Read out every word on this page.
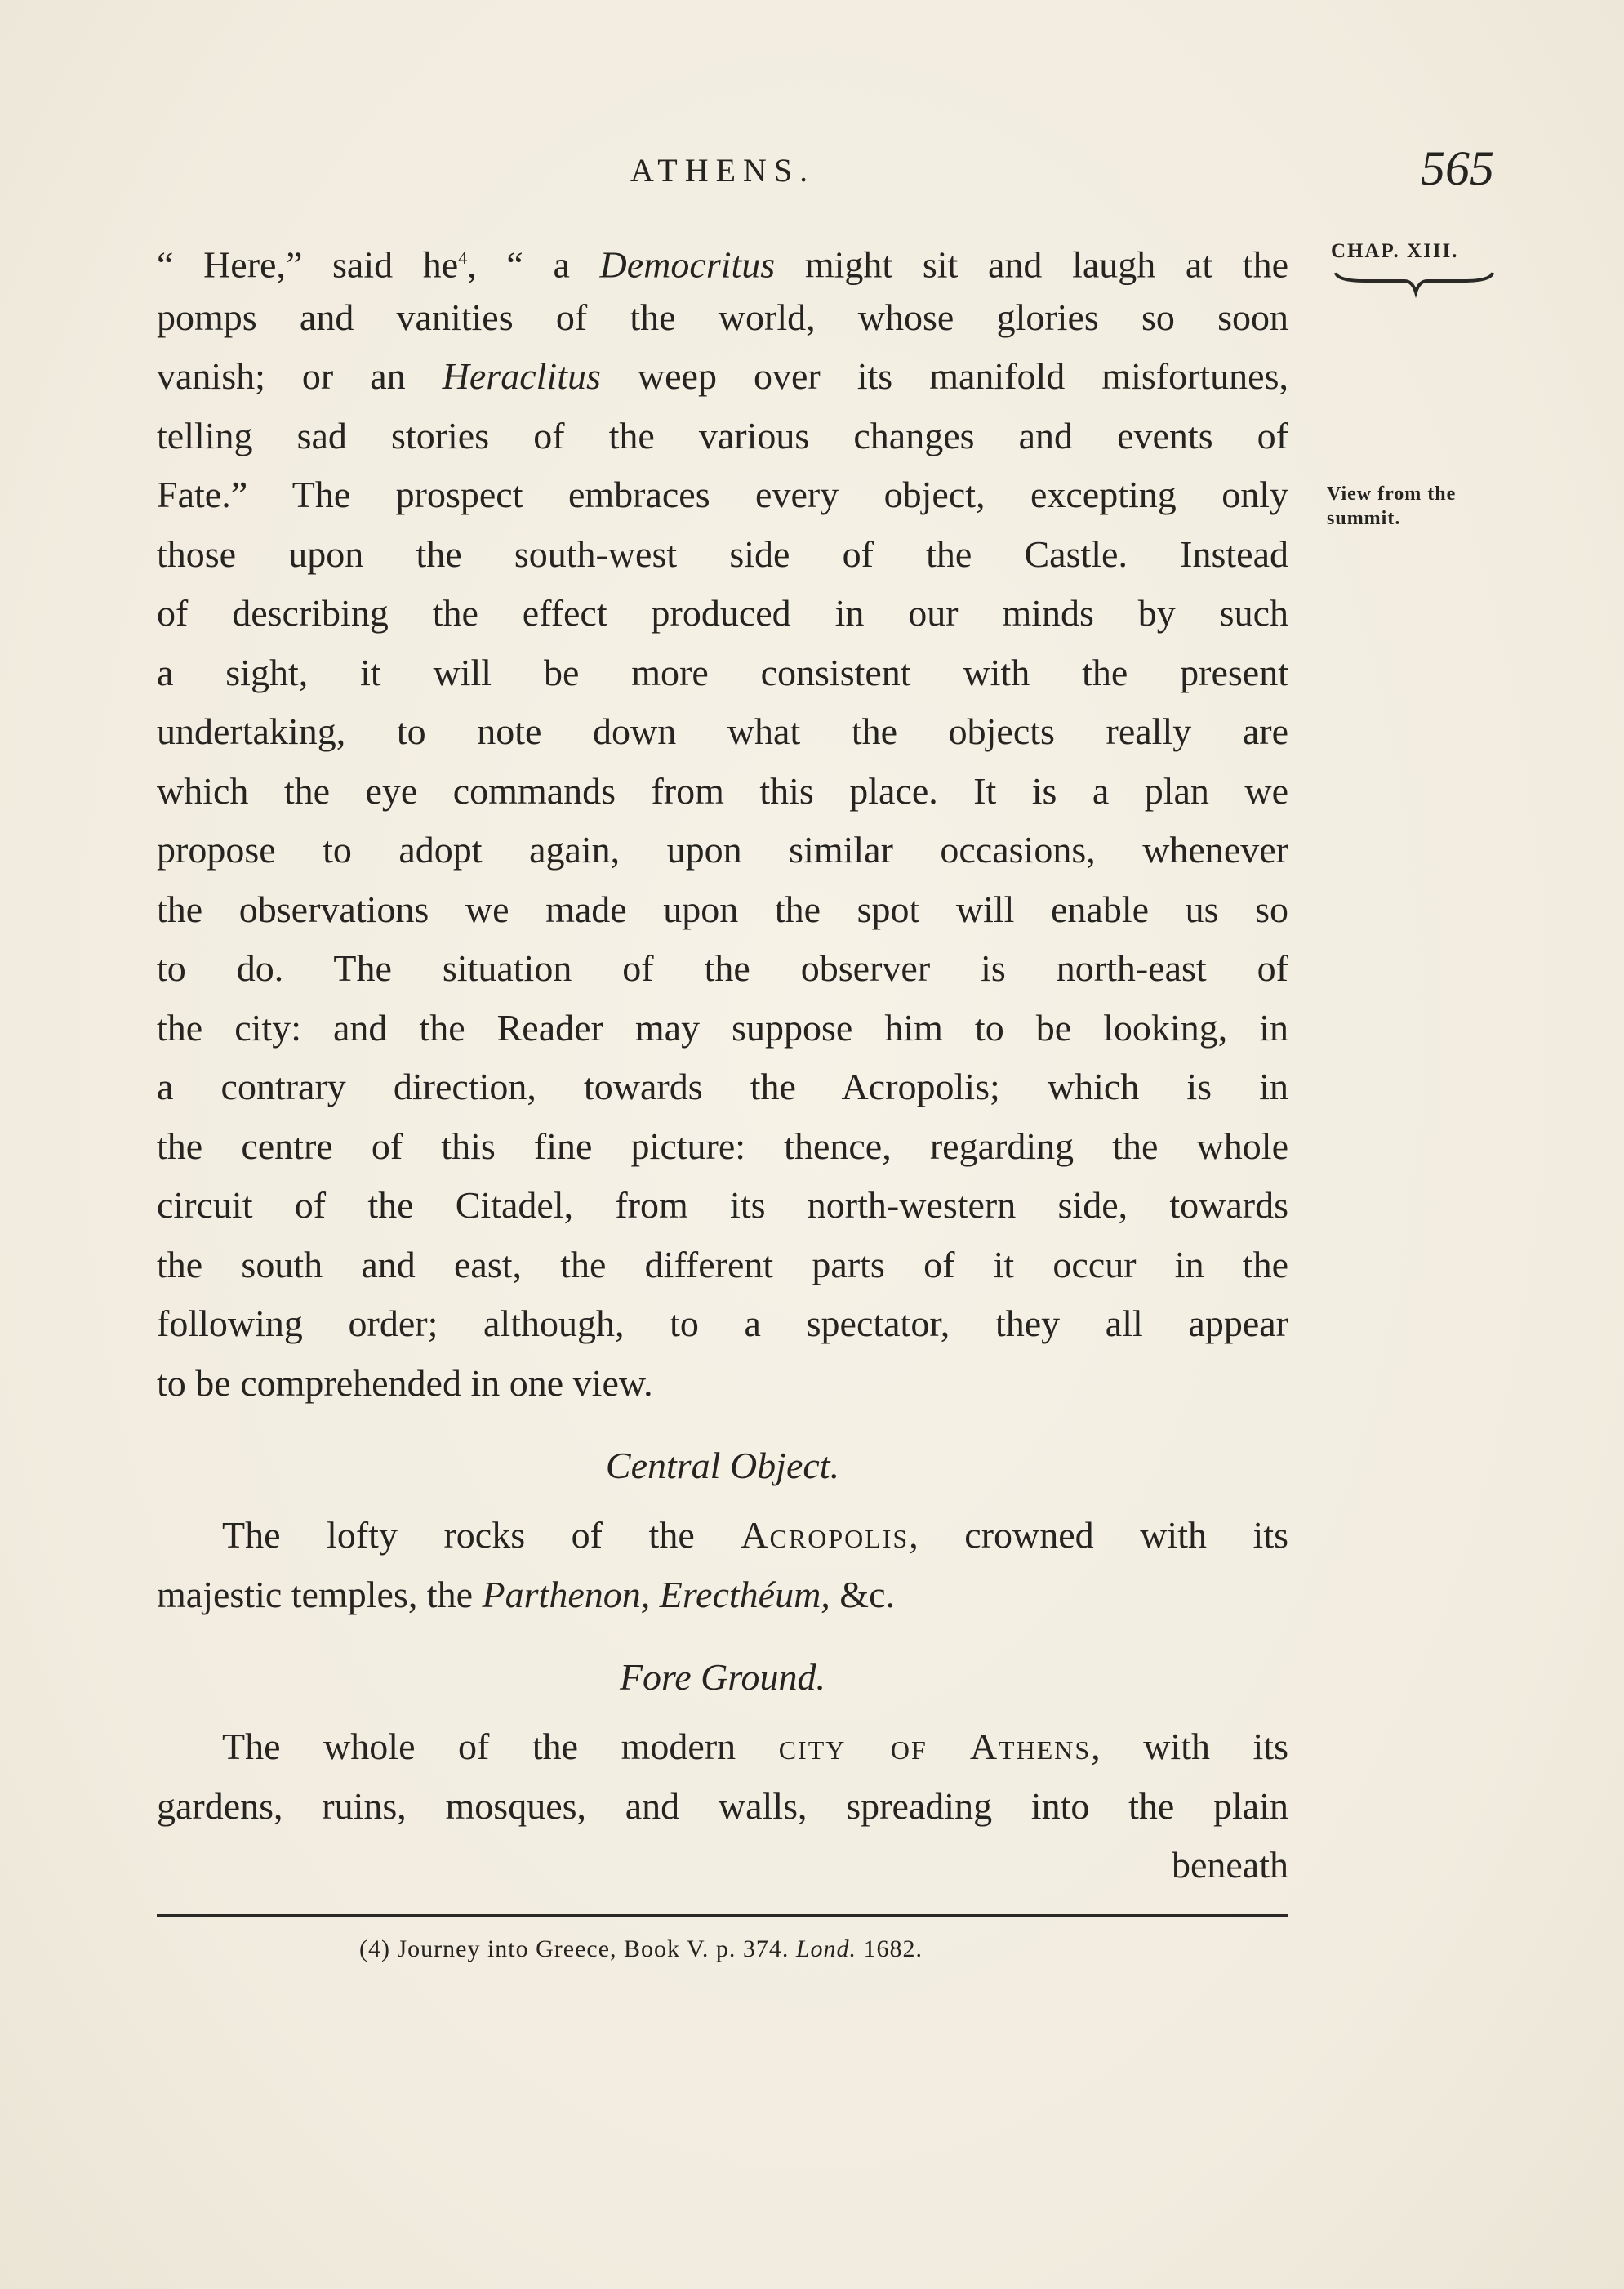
ATHENS.	565
CHAP. XIII.
View from the
summit.
“ Here,” said $he^4$, “ a Democritus might sit and laugh at the
pomps and vanities of the world, whose glories so soon
vanish; or an Heraclitus weep over its manifold misfortunes,
telling sad stories of the various changes and events of
Fate.” The prospect embraces every object, excepting only
those upon the south-west side of the Castle. Instead
of describing the effect produced in our minds by such
a sight, it will be more consistent with the present
undertaking, to note down what the objects really are
which the eye commands from this place. It is a plan we
propose to adopt again, upon similar occasions, whenever
the observations we made upon the spot will enable us so
to do. The situation of the observer is north-east of
the city: and the Reader may suppose him to be looking, in
a contrary direction, towards the Acropolis; which is in
the centre of this fine picture: thence, regarding the whole
circuit of the Citadel, from its north-western side, towards
the south and east, the different parts of it occur in the
following order; although, to a spectator, they all appear
to be comprehended in one view.
Central Object.
The lofty rocks of the Acropolis, crowned with its
majestic temples, the Parthenon, Erecthéum, &c.
Fore Ground.
The whole of the modern city of Athens, with its
gardens, ruins, mosques, and walls, spreading into the plain
beneath
(4) Journey into Greece, Book V. p. 374. Lond. 1682.
